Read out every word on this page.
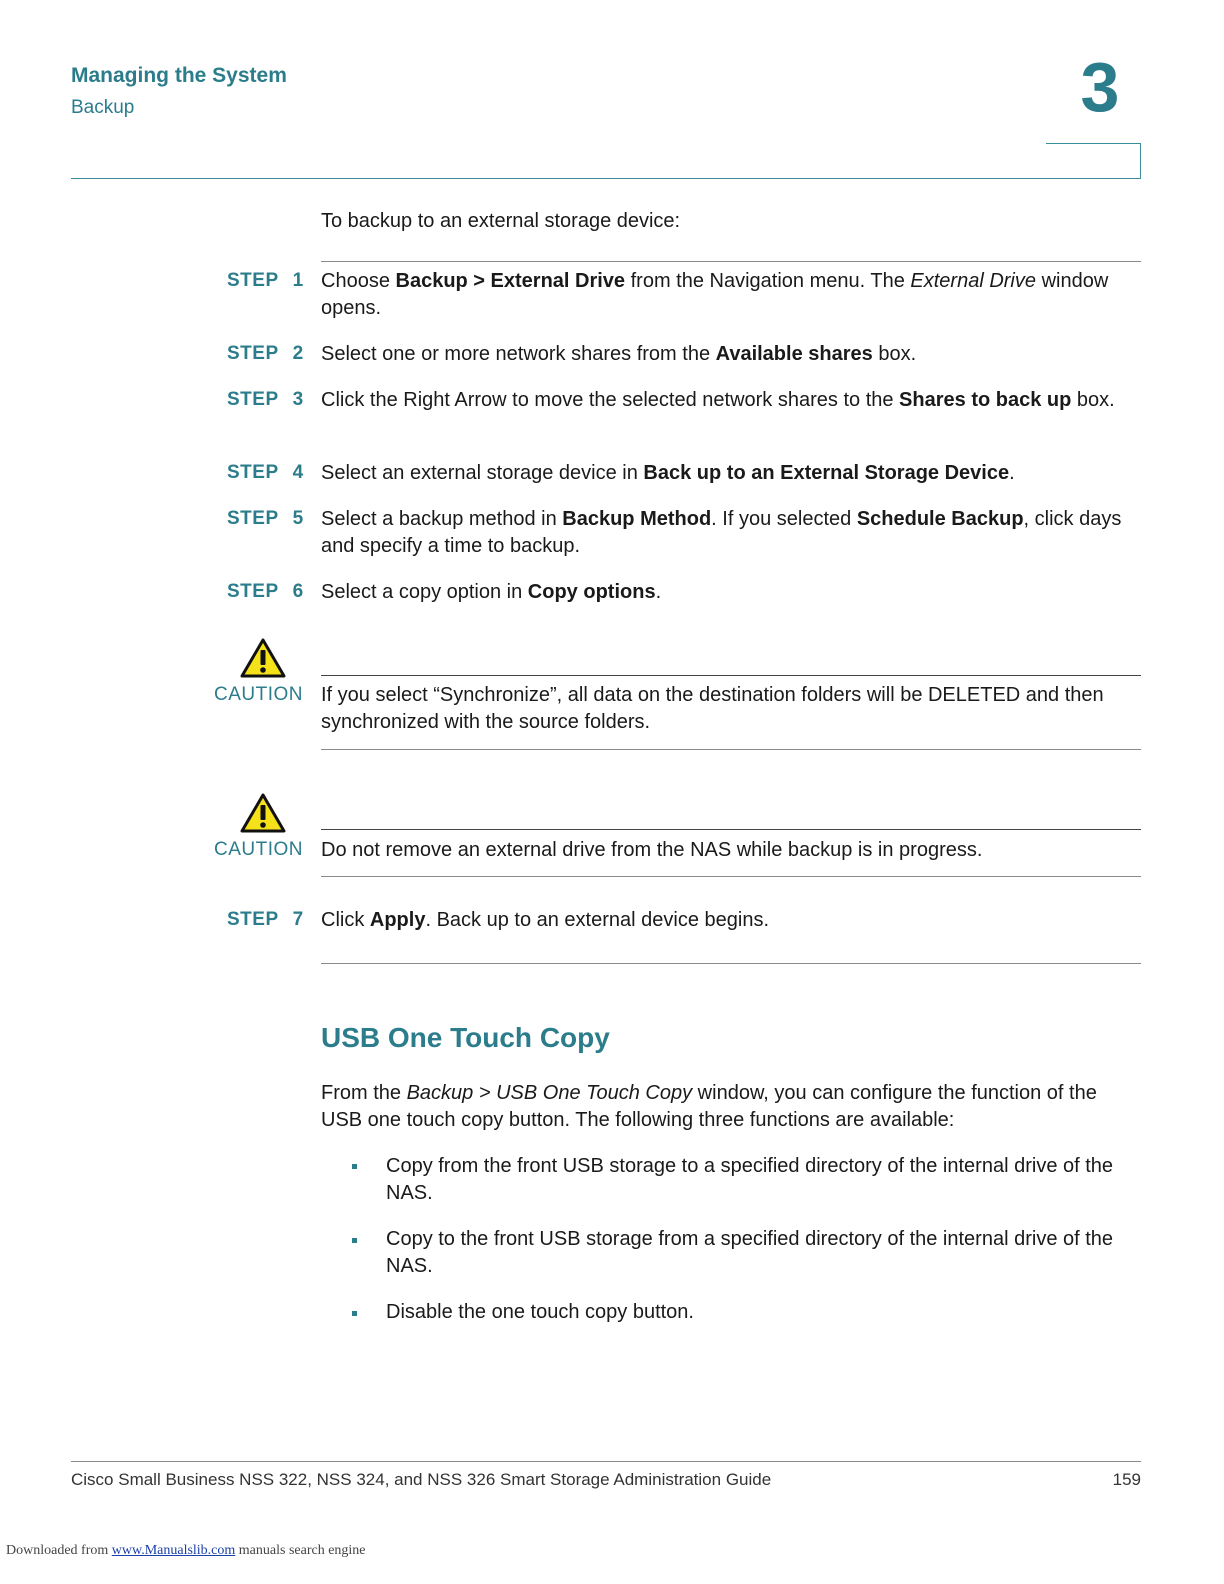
Managing the System
Backup	3
To backup to an external storage device:
STEP 1 Choose Backup > External Drive from the Navigation menu. The External Drive window opens.
STEP 2 Select one or more network shares from the Available shares box.
STEP 3 Click the Right Arrow to move the selected network shares to the Shares to back up box.
STEP 4 Select an external storage device in Back up to an External Storage Device.
STEP 5 Select a backup method in Backup Method. If you selected Schedule Backup, click days and specify a time to backup.
STEP 6 Select a copy option in Copy options.
CAUTION If you select “Synchronize”, all data on the destination folders will be DELETED and then synchronized with the source folders.
CAUTION Do not remove an external drive from the NAS while backup is in progress.
STEP 7 Click Apply. Back up to an external device begins.
USB One Touch Copy
From the Backup > USB One Touch Copy window, you can configure the function of the USB one touch copy button. The following three functions are available:
Copy from the front USB storage to a specified directory of the internal drive of the NAS.
Copy to the front USB storage from a specified directory of the internal drive of the NAS.
Disable the one touch copy button.
Cisco Small Business NSS 322, NSS 324, and NSS 326 Smart Storage Administration Guide	159
Downloaded from www.Manualslib.com manuals search engine
